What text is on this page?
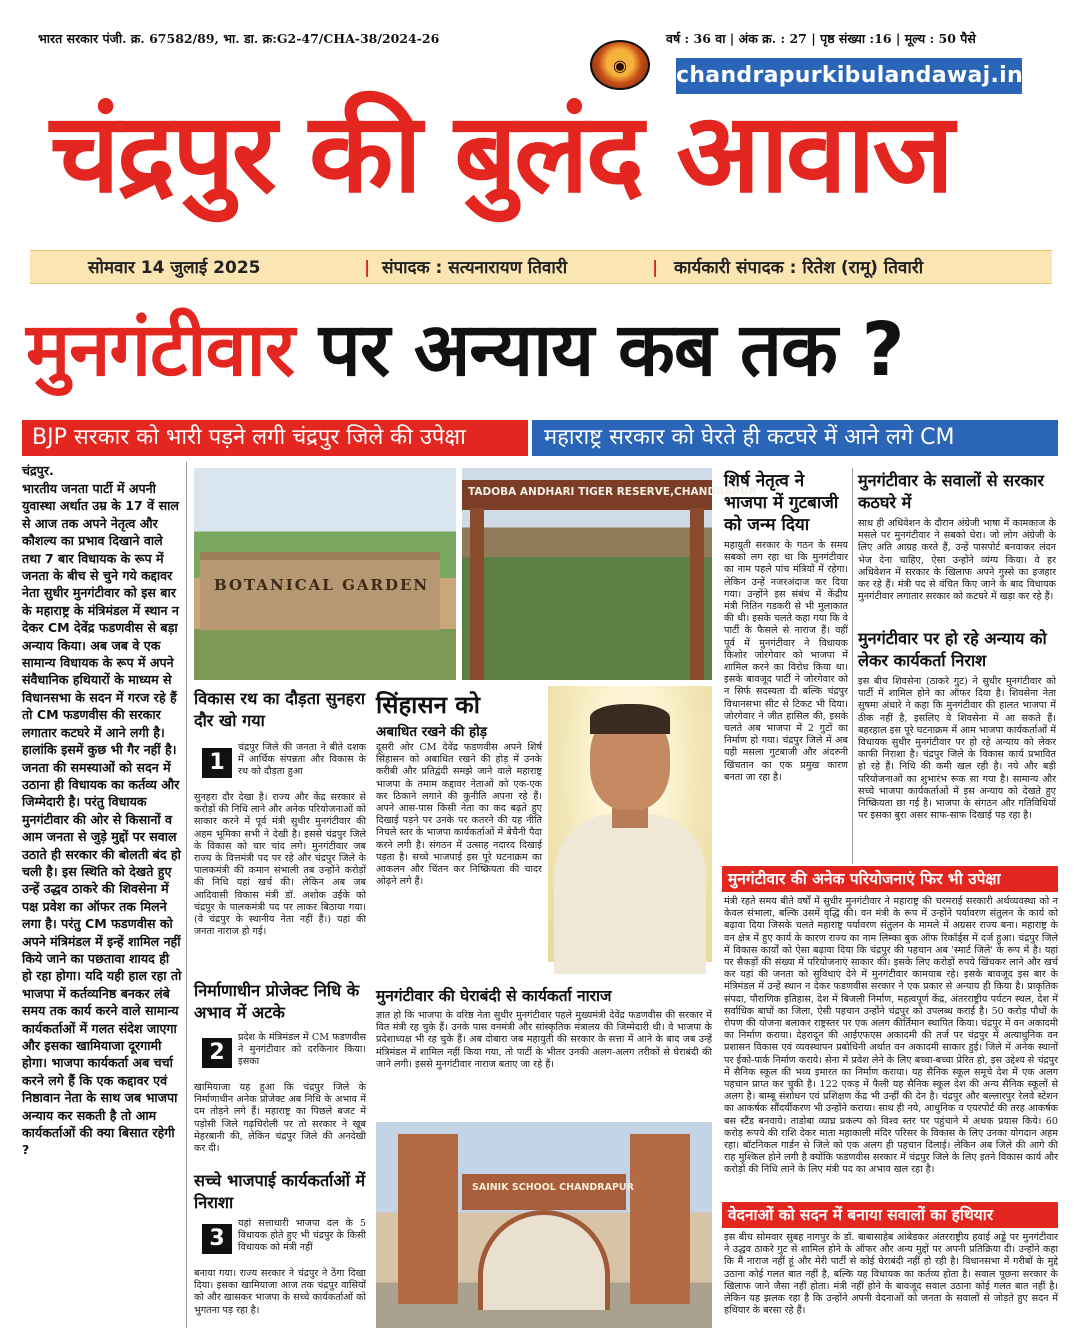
भारत सरकार पंजी. क्र. 67582/89, भा. डा. क्र:G2-47/CHA-38/2024-26	वर्ष : 36 वा | अंक क्र. : 27 | पृष्ठ संख्या :16 | मूल्य : 50 पैसे
◉	chandrapurkibulandawaj.in
चंद्रपुर की बुलंद आवाज
सोमवार 14 जुलाई 2025	| संपादक : सत्यनारायण तिवारी	| कार्यकारी संपादक : रितेश (रामू) तिवारी
मुनगंटीवार पर अन्याय कब तक ?
BJP सरकार को भारी पड़ने लगी चंद्रपुर जिले की उपेक्षा	महाराष्ट्र सरकार को घेरते ही कटघरे में आने लगे CM
चंद्रपुर.
भारतीय जनता पार्टी में अपनी युवास्था अर्थात उम्र के 17 वें साल से आज तक अपने नेतृत्व और कौशल्य का प्रभाव दिखाने वाले तथा 7 बार विधायक के रूप में जनता के बीच से चुने गये कद्दावर नेता सुधीर मुनगंटीवार को इस बार के महाराष्ट्र के मंत्रिमंडल में स्थान न देकर CM देवेंद्र फडणवीस से बड़ा अन्याय किया। अब जब वे एक सामान्य विधायक के रूप में अपने संवैधानिक हथियारों के माध्यम से विधानसभा के सदन में गरज रहे हैं तो CM फडणवीस की सरकार लगातार कटघरे में आने लगी है। हालांकि इसमें कुछ भी गैर नहीं है। जनता की समस्याओं को सदन में उठाना ही विधायक का कर्तव्य और जिम्मेदारी है। परंतु विधायक मुनगंटीवार की ओर से किसानों व आम जनता से जुड़े मुद्दों पर सवाल उठाते ही सरकार की बोलती बंद हो चली है। इस स्थिति को देखते हुए उन्हें उद्धव ठाकरे की शिवसेना में पक्ष प्रवेश का ऑफर तक मिलने लगा है। परंतु CM फडणवीस को अपने मंत्रिमंडल में इन्हें शामिल नहीं किये जाने का पछतावा शायद ही हो रहा होगा। यदि यही हाल रहा तो भाजपा में कर्तव्यनिष्ठ बनकर लंबे समय तक कार्य करने वाले सामान्य कार्यकर्ताओं में गलत संदेश जाएगा और इसका खामियाजा दूरगामी होगा। भाजपा कार्यकर्ता अब चर्चा करने लगे हैं कि एक कद्दावर एवं निष्ठावान नेता के साथ जब भाजपा अन्याय कर सकती है तो आम कार्यकर्ताओं की क्या बिसात रहेगी ?
BOTANICAL GARDEN
TADOBA ANDHARI TIGER RESERVE,CHANDRAPUR
विकास रथ का दौड़ता सुनहरा दौर खो गया
1
चंद्रपुर जिले की जनता ने बीते दशक में आर्थिक संपन्नता और विकास के रथ को दौड़ता हुआ
सुनहरा दौर देखा है। राज्य और केंद्र सरकार से करोड़ों की निधि लाने और अनेक परियोजनाओं को साकार करने में पूर्व मंत्री सुधीर मुनगंटीवार की अहम भूमिका सभी ने देखी है। इससे चंद्रपुर जिले के विकास को चार चांद लगे। मुनगंटीवार जब राज्य के वित्तमंत्री पद पर रहे और चंद्रपुर जिले के पालकमंत्री की कमान संभाली तब उन्होंने करोड़ों की निधि यहां खर्च की। लेकिन अब जब आदिवासी विकास मंत्री डॉ. अशोक उईके को चंद्रपुर के पालकमंत्री पद पर लाकर बिठाया गया। (वे चंद्रपुर के स्थानीय नेता नहीं हैं।) यहां की जनता नाराज हो गई।
निर्माणाधीन प्रोजेक्ट निधि के अभाव में अटके
2
प्रदेश के मंत्रिमंडल में CM फडणवीस ने मुनगंटीवार को दरकिनार किया। इसका
खामियाजा यह हुआ कि चंद्रपुर जिले के निर्माणाधीन अनेक प्रोजेक्ट अब निधि के अभाव में दम तोड़ने लगे हैं। महाराष्ट्र का पिछले बजट में पड़ोसी जिले गढ़चिरोली पर तो सरकार ने खूब मेहरबानी की, लेकिन चंद्रपुर जिले की अनदेखी कर दी।
सच्चे भाजपाई कार्यकर्ताओं में निराशा
3
यहां सत्ताधारी भाजपा दल के 5 विधायक होते हुए भी चंद्रपुर के किसी विधायक को मंत्री नहीं
बनाया गया। राज्य सरकार ने चंद्रपुर ने ठेंगा दिखा दिया। इसका खामियाजा आज तक चंद्रपुर वासियों को और खासकर भाजपा के सच्चे कार्यकर्ताओं को भुगतना पड़ रहा है।
सिंहासन को
अबाधित रखने की होड़
दूसरी ओर CM देवेंद्र फडणवीस अपने शिर्ष सिंहासन को अबाधित रखने की होड़ में उनके करीबी और प्रतिद्वंदी समझे जाने वाले महाराष्ट्र भाजपा के तमाम कद्दावर नेताओं को एक-एक कर ठिकाने लगाने की कुनीति अपना रहे हैं। अपने आस-पास किसी नेता का कद बढ़ते हुए दिखाई पड़ने पर उनके पर कतरने की यह नीति निचले स्तर के भाजपा कार्यकर्ताओं में बेचैनी पैदा करने लगी है। संगठन में उत्साह नदारद दिखाई पड़ता है। सच्चे भाजपाई इस पूरे घटनाक्रम का आकलन और चिंतन कर निष्क्रियता की चादर ओढ़ने लगे हैं।
मुनगंटीवार की घेराबंदी से कार्यकर्ता नाराज
ज्ञात हो कि भाजपा के वरिष्ठ नेता सुधीर मुनगंटीवार पहले मुख्यमंत्री देवेंद्र फडणवीस की सरकार में वित मंत्री रह चुके हैं। उनके पास वनमंत्री और सांस्कृतिक मंत्रालय की जिम्मेदारी थी। वे भाजपा के प्रदेशाध्यक्ष भी रह चुके हैं। अब दोबारा जब महायुती की सरकार के सत्ता में आने के बाद जब उन्हें मंत्रिमंडल में शामिल नहीं किया गया, तो पार्टी के भीतर उनकी अलग-अलग तरीकों से घेराबंदी की जाने लगी। इससे मुनगंटीवार नाराज बताए जा रहे हैं।
SAINIK SCHOOL CHANDRAPUR
शिर्ष नेतृत्व ने भाजपा में गुटबाजी को जन्म दिया
महायुती सरकार के गठन के समय सबको लग रहा था कि मुनगंटीवार का नाम पहले पांच मंत्रियों में रहेगा। लेकिन उन्हें नजरअंदाज कर दिया गया। उन्होंने इस संबंध में केंद्रीय मंत्री नितिन गडकरी से भी मुलाकात की थी। इसके चलते कहा गया कि वे पार्टी के फैसले से नाराज हैं। वहीं पूर्व में मुनगंटीवार ने विधायक किशोर जोरगेवार को भाजपा में शामिल करने का विरोध किया था। इसके बावजूद पार्टी ने जोरगेवार को न सिर्फ सदस्यता दी बल्कि चंद्रपुर विधानसभा सीट से टिकट भी दिया। जोरगेवार ने जीत हासिल की, इसके चलते अब भाजपा में 2 गुटों का निर्माण हो गया। चंद्रपुर जिले में अब यही मसला गुटबाजी और अंदरुनी खिंचतान का एक प्रमुख कारण बनता जा रहा है।
मुनगंटीवार के सवालों से सरकार कठघरे में
साथ ही अधिवेशन के दौरान अंग्रेजी भाषा में कामकाज के मसले पर मुनगंटीवार ने सबको घेरा। जो लोग अंग्रेजी के लिए अति आग्रह करते हैं, उन्हें पासपोर्ट बनवाकर लंदन भेज देना चाहिए, ऐसा उन्होंने व्यंग्य किया। वे हर अधिवेशन में सरकार के खिलाफ अपने गुस्से का इजहार कर रहे हैं। मंत्री पद से वंचित किए जाने के बाद विधायक मुनगंटीवार लगातार सरकार को कटघरे में खड़ा कर रहे हैं।
मुनगंटीवार पर हो रहे अन्याय को लेकर कार्यकर्ता निराश
इस बीच शिवसेना (ठाकरे गुट) ने सुधीर मुनगंटीवार को पार्टी में शामिल होने का ऑफर दिया है। शिवसेना नेता सुषमा अंधारे ने कहा कि मुनगंटीवार की हालत भाजपा में ठीक नहीं है, इसलिए वे शिवसेना में आ सकते हैं। बहरहाल इस पूरे घटनाक्रम में आम भाजपा कार्यकर्ताओं में विधायक सुधीर मुनगंटीवार पर हो रहे अन्याय को लेकर काफी निराशा है। चंद्रपुर जिले के विकास कार्य प्रभावित हो रहे हैं। निधि की कमी खल रही है। नये और बड़ी परियोजनाओं का शुभारंभ रूक सा गया है। सामान्य और सच्चे भाजपा कार्यकर्ताओं में इस अन्याय को देखते हुए निष्क्रियता छा गई है। भाजपा के संगठन और गतिविधियों पर इसका बुरा असर साफ-साफ दिखाई पड़ रहा है।
मुनगंटीवार की अनेक परियोजनाएं फिर भी उपेक्षा
मंत्री रहते समय बीते वर्षों में सुधीर मुनगंटीवार ने महाराष्ट्र की चरमराई सरकारी अर्थव्यवस्था को न केवल संभाला, बल्कि उसमें वृद्धि की। वन मंत्री के रूप में उन्होंने पर्यावरण संतुलन के कार्य को बढ़ावा दिया जिसके चलते महाराष्ट्र पर्यावरण संतुलन के मामले में अग्रसर राज्य बना। महाराष्ट्र के वन क्षेत्र में हुए कार्य के कारण राज्य का नाम लिम्का बुक ऑफ रिकॉर्ड्स में दर्ज हुआ। चंद्रपुर जिले में विकास कार्यों को ऐसा बढ़ावा दिया कि चंद्रपुर की पहचान अब 'स्मार्ट जिले' के रूप में है। यहां पर सैकड़ों की संख्या में परियोजनाएं साकार की। इसके लिए करोड़ों रुपये खिंचकर लाने और खर्च कर यहां की जनता को सुविधाएं देने में मुनगंटीवार कामयाब रहे। इसके बावजूद इस बार के मंत्रिमंडल में उन्हें स्थान न देकर फडणवीस सरकार ने एक प्रकार से अन्याय ही किया है। प्राकृतिक संपदा, पौराणिक इतिहास, देश में बिजली निर्माण, महत्वपूर्ण केंद्र, अंतरराष्ट्रीय पर्यटन स्थल, देश में सर्वाधिक बाघों का जिला, ऐसी पहचान उन्होंने चंद्रपुर को उपलब्ध कराई है। 50 करोड़ पौधों के रोपण की योजना बलाकर राष्ट्रस्तर पर एक अलग कीर्तिमान स्थापित किया। चंद्रपुर में वन अकादमी का निर्माण कराया। देहरादून की आईएफएस अकादमी की तर्ज पर चंद्रपुर में अत्याधुनिक वन प्रशासन विकास एवं व्यवस्थापन प्रबोधिनी अर्थात वन अकादमी साकार हुई। जिले में अनेक स्थानों पर ईको-पार्क निर्माण कराये। सेना में प्रवेश लेने के लिए बच्चा-बच्चा प्रेरित हो, इस उद्देश्य से चंद्रपुर में सैनिक स्कूल की भव्य इमारत का निर्माण कराया। यह सैनिक स्कूल समूचे देश में एक अलग पहचान प्राप्त कर चुकी है। 122 एकड़ में फैली यह सैनिक स्कूल देश की अन्य सैनिक स्कूलों से अलग है। बाम्बू संशोधन एवं प्रशिक्षण केंद्र भी उन्हीं की देन है। चंद्रपुर और बल्लारपुर रेलवे स्टेशन का आकर्षक सौंदर्यीकरण भी उन्होंने कराया। साथ ही नये, आधुनिक व एयरपोर्ट की तरह आकर्षक बस स्टैंड बनवाये। ताडोबा व्याघ्र प्रकल्प को विश्व स्तर पर पहुंचाने में अथक प्रयास किये। 60 करोड़ रूपये की राशि देकर माता महाकाली मंदिर परिसर के विकास के लिए उनका योगदान अहम रहा। बॉटनिकल गार्डन से जिले को एक अलग ही पहचान दिलाई। लेकिन अब जिले की आगे की राह मुश्किल होने लगी है क्योंकि फडणवीस सरकार में चंद्रपुर जिले के लिए इतने विकास कार्य और करोड़ों की निधि लाने के लिए मंत्री पद का अभाव खल रहा है।
वेदनाओं को सदन में बनाया सवालों का हथियार
इस बीच सोमवार सुबह नागपुर के डॉ. बाबासाहेब आंबेडकर अंतरराष्ट्रीय हवाई अड्डे पर मुनगंटीवार ने उद्धव ठाकरे गुट से शामिल होने के ऑफर और अन्य मुद्दों पर अपनी प्रतिक्रिया दी। उन्होंने कहा कि मैं नाराज नहीं हूं और मेरी पार्टी से कोई घेराबंदी नहीं हो रही है। विधानसभा में गरीबों के मुद्दे उठाना कोई गलत बात नहीं है, बल्कि यह विधायक का कर्तव्य होता है। सवाल पूछना सरकार के खिलाफ जाने जैसा नहीं होता। मंत्री नहीं होने के बावजूद सवाल उठाना कोई गलत बात नहीं है। लेकिन यह झलक रहा है कि उन्होंने अपनी वेदनाओं को जनता के सवालों से जोड़ते हुए सदन में हथियार के बरसा रहे हैं।
